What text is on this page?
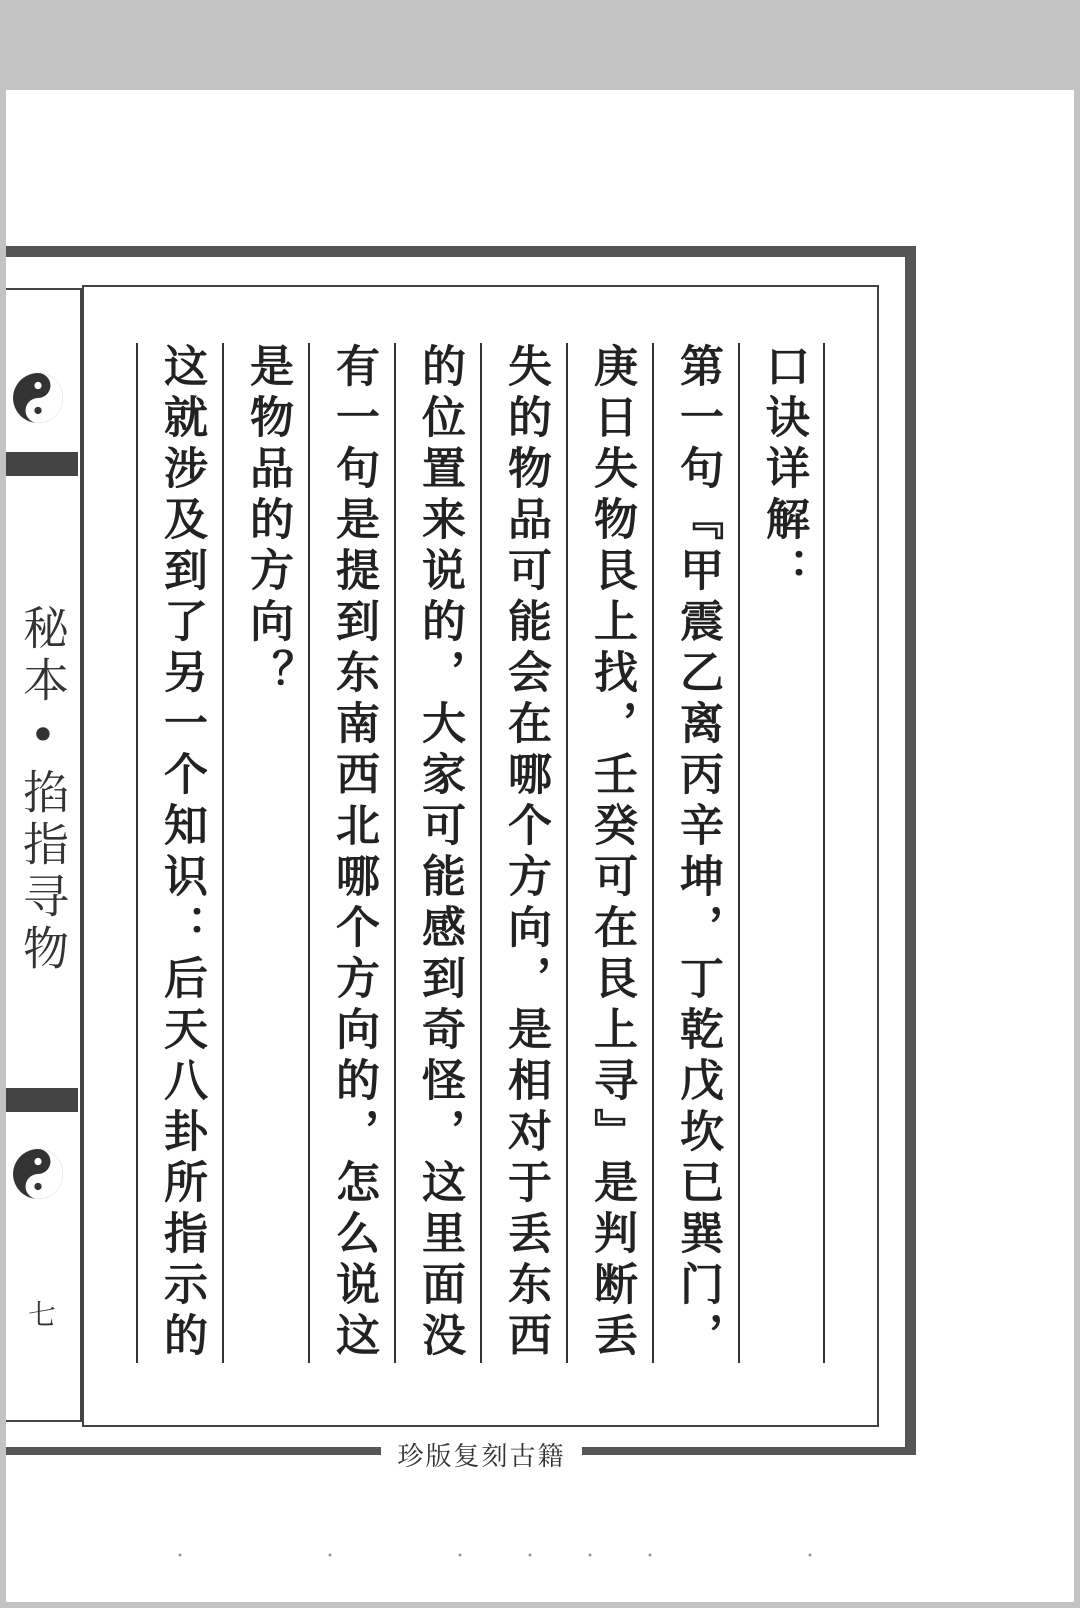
秘本•掐指寻物
七
珍版复刻古籍
口诀详解：
第一句『甲震乙离丙辛坤，丁乾戊坎已巽门，
庚日失物艮上找，壬癸可在艮上寻』是判断丢
失的物品可能会在哪个方向，是相对于丢东西
的位置来说的，大家可能感到奇怪，这里面没
有一句是提到东南西北哪个方向的，怎么说这
是物品的方向？
这就涉及到了另一个知识：后天八卦所指示的
